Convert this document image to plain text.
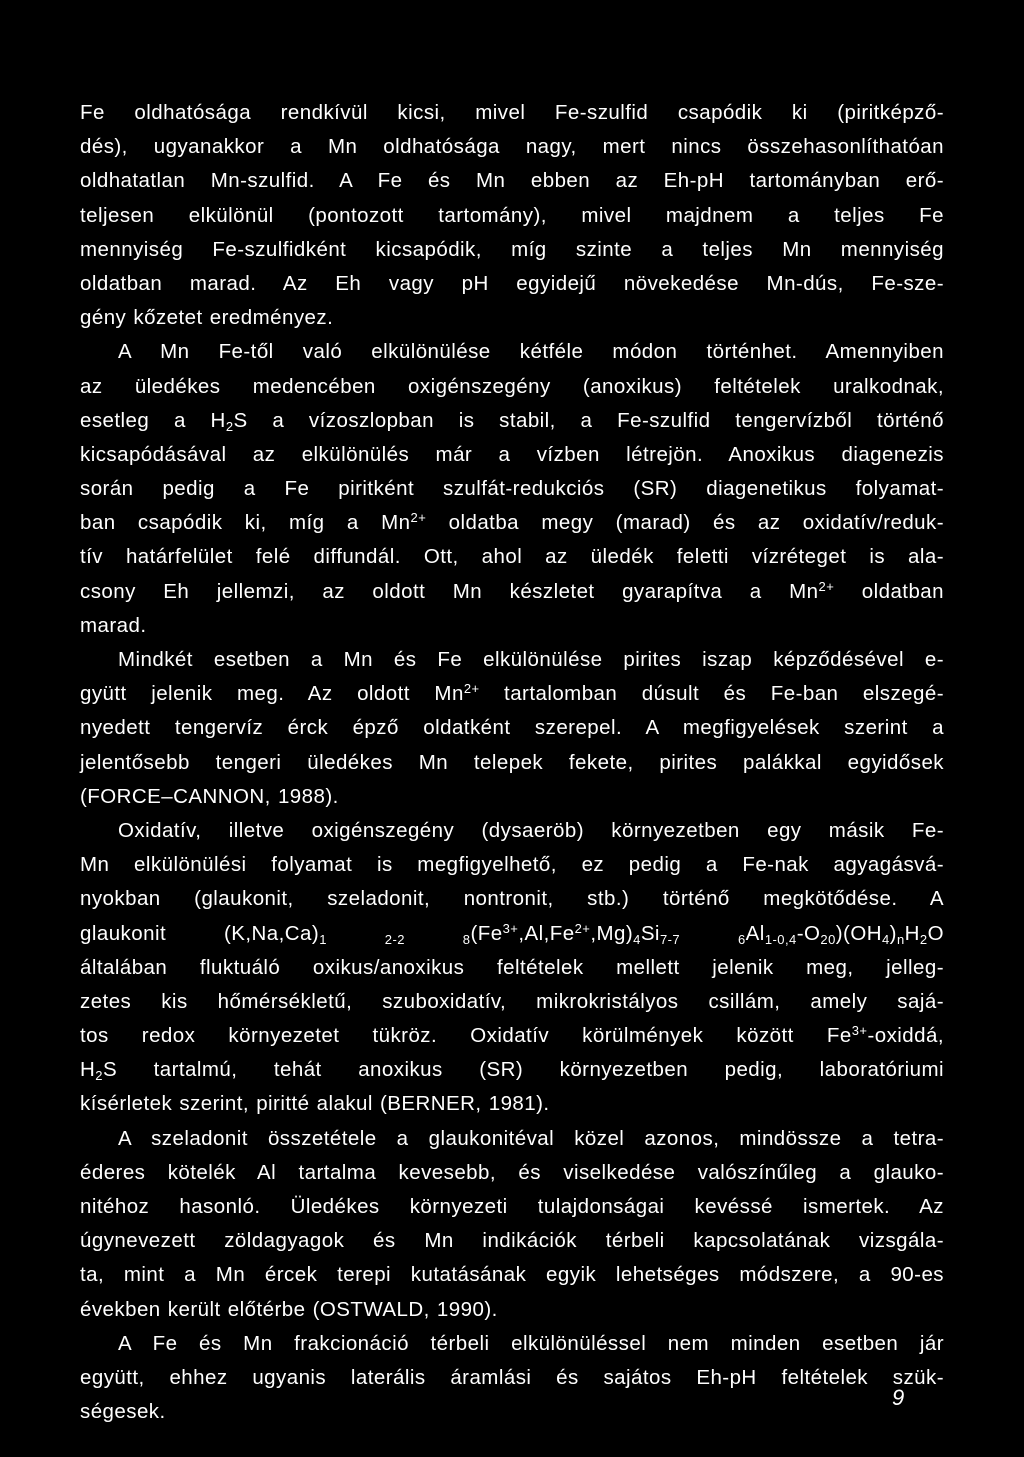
Fe oldhatósága rendkívül kicsi, mivel Fe-szulfid csapódik ki (piritképző-
dés), ugyanakkor a Mn oldhatósága nagy, mert nincs összehasonlíthatóan
oldhatatlan Mn-szulfid. A Fe és Mn ebben az Eh-pH tartományban erő-
teljesen elkülönül (pontozott tartomány), mivel majdnem a teljes Fe
mennyiség Fe-szulfidként kicsapódik, míg szinte a teljes Mn mennyiség
oldatban marad. Az Eh vagy pH egyidejű növekedése Mn-dús, Fe-sze-
gény kőzetet eredményez.
A Mn Fe-től való elkülönülése kétféle módon történhet. Amennyiben
az üledékes medencében oxigénszegény (anoxikus) feltételek uralkodnak,
esetleg a $H_2S$ a vízoszlopban is stabil, a Fe-szulfid tengervízből történő
kicsapódásával az elkülönülés már a vízben létrejön. Anoxikus diagenezis
során pedig a Fe piritként szulfát-redukciós (SR) diagenetikus folyamat-
ban csapódik ki, míg a $Mn^{2+}$ oldatba megy (marad) és az oxidatív/reduk-
tív határfelület felé diffundál. Ott, ahol az üledék feletti vízréteget is ala-
csony Eh jellemzi, az oldott Mn készletet gyarapítva a $Mn^{2+}$ oldatban
marad.
Mindkét esetben a Mn és Fe elkülönülése pirites iszap képződésével e-
gyütt jelenik meg. Az oldott $Mn^{2+}$ tartalomban dúsult és Fe-ban elszegé-
nyedett tengervíz érck épző oldatként szerepel. A megfigyelések szerint a
jelentősebb tengeri üledékes Mn telepek fekete, pirites palákkal egyidősek
(FORCE–CANNON, 1988).
Oxidatív, illetve oxigénszegény (dysaeröb) környezetben egy másik Fe-
Mn elkülönülési folyamat is megfigyelhető, ez pedig a Fe-nak agyagásvá-
nyokban (glaukonit, szeladonit, nontronit, stb.) történő megkötődése. A
glaukonit $(K,Na,Ca)_1$	$_{2-2}$	$_8(Fe^{3+},Al,Fe^{2+},Mg)_4Si_{7-7}$	$_6Al_{1-0,4}-O_{20})(OH_4)_nH_2O$
általában fluktuáló oxikus/anoxikus feltételek mellett jelenik meg, jelleg-
zetes kis hőmérsékletű, szuboxidatív, mikrokristályos csillám, amely sajá-
tos redox környezetet tükröz. Oxidatív körülmények között $Fe^{3+}$-oxiddá,
$H_2S$ tartalmú, tehát anoxikus (SR) környezetben pedig, laboratóriumi
kísérletek szerint, piritté alakul (BERNER, 1981).
A szeladonit összetétele a glaukonitéval közel azonos, mindössze a tetra-
éderes kötelék Al tartalma kevesebb, és viselkedése valószínűleg a glauko-
nitéhoz hasonló. Üledékes környezeti tulajdonságai kevéssé ismertek. Az
úgynevezett zöldagyagok és Mn indikációk térbeli kapcsolatának vizsgála-
ta, mint a Mn ércek terepi kutatásának egyik lehetséges módszere, a 90-es
években került előtérbe (OSTWALD, 1990).
A Fe és Mn frakcionáció térbeli elkülönüléssel nem minden esetben jár
együtt, ehhez ugyanis laterális áramlási és sajátos Eh-pH feltételek szük-
ségesek.
9
